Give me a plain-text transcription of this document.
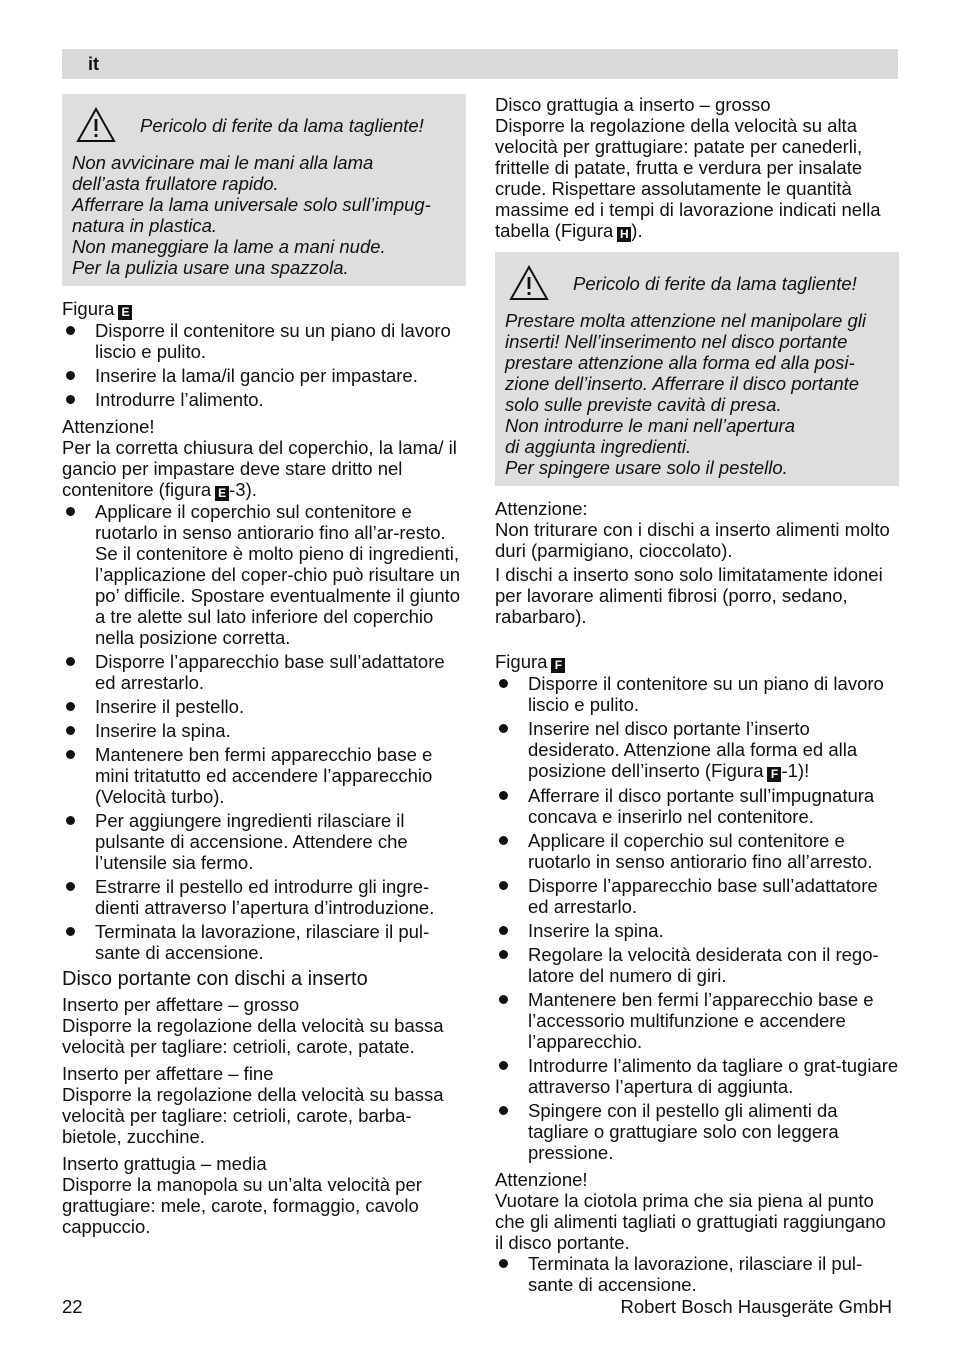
it
Pericolo di ferite da lama tagliente!

Non avvicinare mai le mani alla lama

dell’asta frullatore rapido.

Afferrare la lama universale solo sull’impug-

natura in plastica.

Non maneggiare la lame a mani nude.

Per la pulizia usare una spazzola.

Figura E

Disporre il contenitore su un piano di lavoro liscio e pulito.
Inserire la lama/il gancio per impastare.
Introdurre l’alimento.

Attenzione!

Per la corretta chiusura del coperchio, la lama/ il gancio per impastare deve stare dritto nel contenitore (figura E -3).

Applicare il coperchio sul contenitore e ruotarlo in senso antiorario fino all’ar-resto. Se il contenitore è molto pieno di ingredienti, l’applicazione del coper-chio può risultare un po’ difficile. Spostare eventualmente il giunto a tre alette sul lato inferiore del coperchio nella posizione corretta.
Disporre l’apparecchio base sull’adattatore ed arrestarlo.
Inserire il pestello.
Inserire la spina.
Mantenere ben fermi apparecchio base e mini tritatutto ed accendere l’apparecchio (Velocità turbo).
Per aggiungere ingredienti rilasciare il pulsante di accensione. Attendere che l’utensile sia fermo.
Estrarre il pestello ed introdurre gli ingre-dienti attraverso l’apertura d’introduzione.
Terminata la lavorazione, rilasciare il pul-sante di accensione.

Disco portante con dischi a inserto

Inserto per affettare – grosso

Disporre la regolazione della velocità su bassa velocità per tagliare: cetrioli, carote, patate.

Inserto per affettare – fine

Disporre la regolazione della velocità su bassa velocità per tagliare: cetrioli, carote, barba-bietole, zucchine.

Inserto grattugia – media

Disporre la manopola su un’alta velocità per grattugiare: mele, carote, formaggio, cavolo cappuccio.

Disco grattugia a inserto – grosso

Disporre la regolazione della velocità su alta velocità per grattugiare: patate per canederli, frittelle di patate, frutta e verdura per insalate crude. Rispettare assolutamente le quantità massime ed i tempi di lavorazione indicati nella tabella (Figura H ).

Pericolo di ferite da lama tagliente!

Prestare molta attenzione nel manipolare gli

inserti! Nell’inserimento nel disco portante

prestare attenzione alla forma ed alla posi-

zione dell’inserto. Afferrare il disco portante

solo sulle previste cavità di presa.

Non introdurre le mani nell’apertura

di aggiunta ingredienti.

Per spingere usare solo il pestello.

Attenzione:

Non triturare con i dischi a inserto alimenti molto duri (parmigiano, cioccolato).

I dischi a inserto sono solo limitatamente idonei per lavorare alimenti fibrosi (porro, sedano, rabarbaro).

Figura F

Disporre il contenitore su un piano di lavoro liscio e pulito.
Inserire nel disco portante l’inserto desiderato. Attenzione alla forma ed alla posizione dell’inserto (Figura F -1)!
Afferrare il disco portante sull’impugnatura concava e inserirlo nel contenitore.
Applicare il coperchio sul contenitore e ruotarlo in senso antiorario fino all’arresto.
Disporre l’apparecchio base sull’adattatore ed arrestarlo.
Inserire la spina.
Regolare la velocità desiderata con il rego-latore del numero di giri.
Mantenere ben fermi l’apparecchio base e l’accessorio multifunzione e accendere l’apparecchio.
Introdurre l’alimento da tagliare o grat-tugiare attraverso l’apertura di aggiunta.
Spingere con il pestello gli alimenti da tagliare o grattugiare solo con leggera pressione.

Attenzione!

Vuotare la ciotola prima che sia piena al punto che gli alimenti tagliati o grattugiati raggiungano il disco portante.

Terminata la lavorazione, rilasciare il pul-sante di accensione.
22	Robert Bosch Hausgeräte GmbH
